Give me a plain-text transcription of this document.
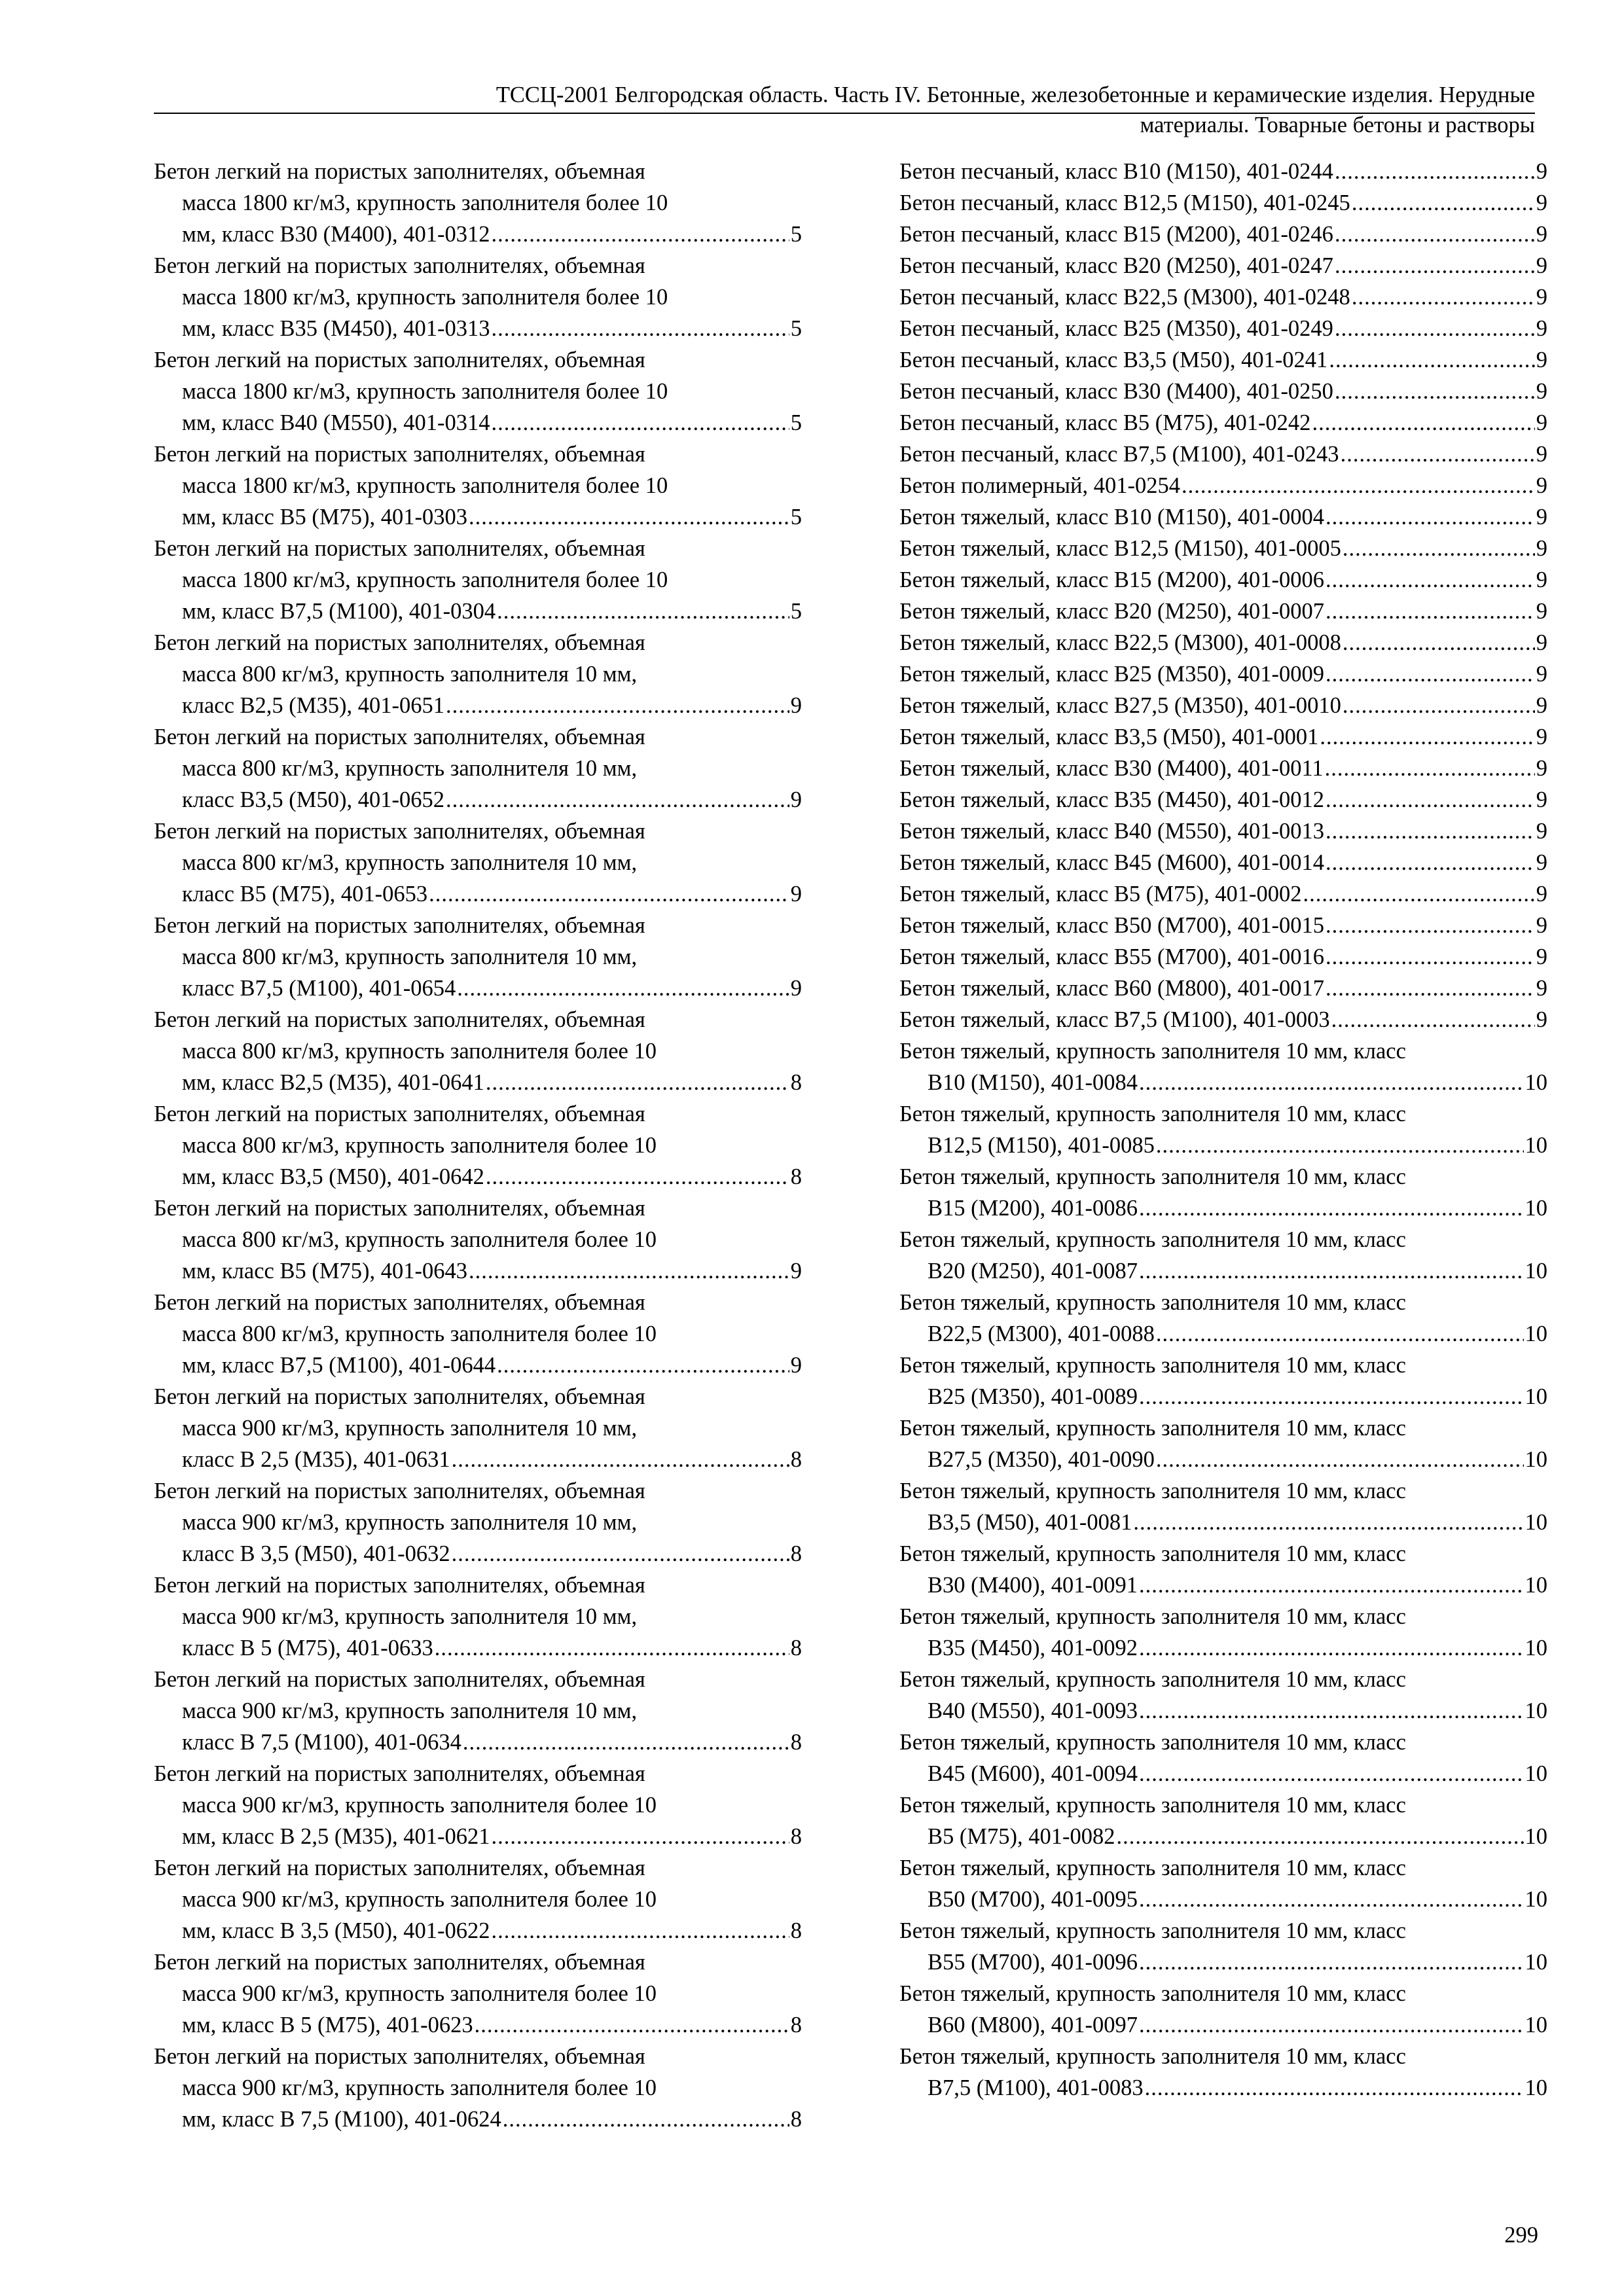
ТССЦ-2001 Белгородская область. Часть IV. Бетонные, железобетонные и керамические изделия. Нерудные
материалы. Товарные бетоны и растворы
Бетон легкий на пористых заполнителях, объемная
масса 1800 кг/м3, крупность заполнителя более 10
мм, класс В30 (М400), 401-0312 .....	5
Бетон легкий на пористых заполнителях, объемная
масса 1800 кг/м3, крупность заполнителя более 10
мм, класс В35 (М450), 401-0313 .....	5
Бетон легкий на пористых заполнителях, объемная
масса 1800 кг/м3, крупность заполнителя более 10
мм, класс В40 (М550), 401-0314 .....	5
Бетон легкий на пористых заполнителях, объемная
масса 1800 кг/м3, крупность заполнителя более 10
мм, класс В5 (М75), 401-0303 .....	5
Бетон легкий на пористых заполнителях, объемная
масса 1800 кг/м3, крупность заполнителя более 10
мм, класс В7,5 (М100), 401-0304 .....	5
Бетон легкий на пористых заполнителях, объемная
масса 800 кг/м3, крупность заполнителя 10 мм,
класс В2,5 (М35), 401-0651 .....	9
Бетон легкий на пористых заполнителях, объемная
масса 800 кг/м3, крупность заполнителя 10 мм,
класс В3,5 (М50), 401-0652 .....	9
Бетон легкий на пористых заполнителях, объемная
масса 800 кг/м3, крупность заполнителя 10 мм,
класс В5 (М75), 401-0653 .....	9
Бетон легкий на пористых заполнителях, объемная
масса 800 кг/м3, крупность заполнителя 10 мм,
класс В7,5 (М100), 401-0654 .....	9
Бетон легкий на пористых заполнителях, объемная
масса 800 кг/м3, крупность заполнителя более 10
мм, класс В2,5 (М35), 401-0641 .....	8
Бетон легкий на пористых заполнителях, объемная
масса 800 кг/м3, крупность заполнителя более 10
мм, класс В3,5 (М50), 401-0642 .....	8
Бетон легкий на пористых заполнителях, объемная
масса 800 кг/м3, крупность заполнителя более 10
мм, класс В5 (М75), 401-0643 .....	9
Бетон легкий на пористых заполнителях, объемная
масса 800 кг/м3, крупность заполнителя более 10
мм, класс В7,5 (М100), 401-0644 .....	9
Бетон легкий на пористых заполнителях, объемная
масса 900 кг/м3, крупность заполнителя 10 мм,
класс В 2,5 (М35), 401-0631 .....	8
Бетон легкий на пористых заполнителях, объемная
масса 900 кг/м3, крупность заполнителя 10 мм,
класс В 3,5 (М50), 401-0632 .....	8
Бетон легкий на пористых заполнителях, объемная
масса 900 кг/м3, крупность заполнителя 10 мм,
класс В 5 (М75), 401-0633 .....	8
Бетон легкий на пористых заполнителях, объемная
масса 900 кг/м3, крупность заполнителя 10 мм,
класс В 7,5 (М100), 401-0634 .....	8
Бетон легкий на пористых заполнителях, объемная
масса 900 кг/м3, крупность заполнителя более 10
мм, класс В 2,5 (М35), 401-0621 .....	8
Бетон легкий на пористых заполнителях, объемная
масса 900 кг/м3, крупность заполнителя более 10
мм, класс В 3,5 (М50), 401-0622 .....	8
Бетон легкий на пористых заполнителях, объемная
масса 900 кг/м3, крупность заполнителя более 10
мм, класс В 5 (М75), 401-0623 .....	8
Бетон легкий на пористых заполнителях, объемная
масса 900 кг/м3, крупность заполнителя более 10
мм, класс В 7,5 (М100), 401-0624 .....	8
Бетон песчаный, класс В10 (М150), 401-0244 .....	9
Бетон песчаный, класс В12,5 (М150), 401-0245 .....	9
Бетон песчаный, класс В15 (М200), 401-0246 .....	9
Бетон песчаный, класс В20 (М250), 401-0247 .....	9
Бетон песчаный, класс В22,5 (М300), 401-0248 .....	9
Бетон песчаный, класс В25 (М350), 401-0249 .....	9
Бетон песчаный, класс В3,5 (М50), 401-0241 .....	9
Бетон песчаный, класс В30 (М400), 401-0250 .....	9
Бетон песчаный, класс В5 (М75), 401-0242 .....	9
Бетон песчаный, класс В7,5 (М100), 401-0243 .....	9
Бетон полимерный, 401-0254 .....	9
Бетон тяжелый, класс В10 (М150), 401-0004 .....	9
Бетон тяжелый, класс В12,5 (М150), 401-0005 .....	9
Бетон тяжелый, класс В15 (М200), 401-0006 .....	9
Бетон тяжелый, класс В20 (М250), 401-0007 .....	9
Бетон тяжелый, класс В22,5 (М300), 401-0008 .....	9
Бетон тяжелый, класс В25 (М350), 401-0009 .....	9
Бетон тяжелый, класс В27,5 (М350), 401-0010 .....	9
Бетон тяжелый, класс В3,5 (М50), 401-0001 .....	9
Бетон тяжелый, класс В30 (М400), 401-0011 .....	9
Бетон тяжелый, класс В35 (М450), 401-0012 .....	9
Бетон тяжелый, класс В40 (М550), 401-0013 .....	9
Бетон тяжелый, класс В45 (М600), 401-0014 .....	9
Бетон тяжелый, класс В5 (М75), 401-0002 .....	9
Бетон тяжелый, класс В50 (М700), 401-0015 .....	9
Бетон тяжелый, класс В55 (М700), 401-0016 .....	9
Бетон тяжелый, класс В60 (М800), 401-0017 .....	9
Бетон тяжелый, класс В7,5 (М100), 401-0003 .....	9
Бетон тяжелый, крупность заполнителя 10 мм, класс
В10 (М150), 401-0084 .....	10
Бетон тяжелый, крупность заполнителя 10 мм, класс
В12,5 (М150), 401-0085 .....	10
Бетон тяжелый, крупность заполнителя 10 мм, класс
В15 (М200), 401-0086 .....	10
Бетон тяжелый, крупность заполнителя 10 мм, класс
В20 (М250), 401-0087 .....	10
Бетон тяжелый, крупность заполнителя 10 мм, класс
В22,5 (М300), 401-0088 .....	10
Бетон тяжелый, крупность заполнителя 10 мм, класс
В25 (М350), 401-0089 .....	10
Бетон тяжелый, крупность заполнителя 10 мм, класс
В27,5 (М350), 401-0090 .....	10
Бетон тяжелый, крупность заполнителя 10 мм, класс
В3,5 (М50), 401-0081 .....	10
Бетон тяжелый, крупность заполнителя 10 мм, класс
В30 (М400), 401-0091 .....	10
Бетон тяжелый, крупность заполнителя 10 мм, класс
В35 (М450), 401-0092 .....	10
Бетон тяжелый, крупность заполнителя 10 мм, класс
В40 (М550), 401-0093 .....	10
Бетон тяжелый, крупность заполнителя 10 мм, класс
В45 (М600), 401-0094 .....	10
Бетон тяжелый, крупность заполнителя 10 мм, класс
В5 (М75), 401-0082 .....	10
Бетон тяжелый, крупность заполнителя 10 мм, класс
В50 (М700), 401-0095 .....	10
Бетон тяжелый, крупность заполнителя 10 мм, класс
В55 (М700), 401-0096 .....	10
Бетон тяжелый, крупность заполнителя 10 мм, класс
В60 (М800), 401-0097 .....	10
Бетон тяжелый, крупность заполнителя 10 мм, класс
В7,5 (М100), 401-0083 .....	10
299
